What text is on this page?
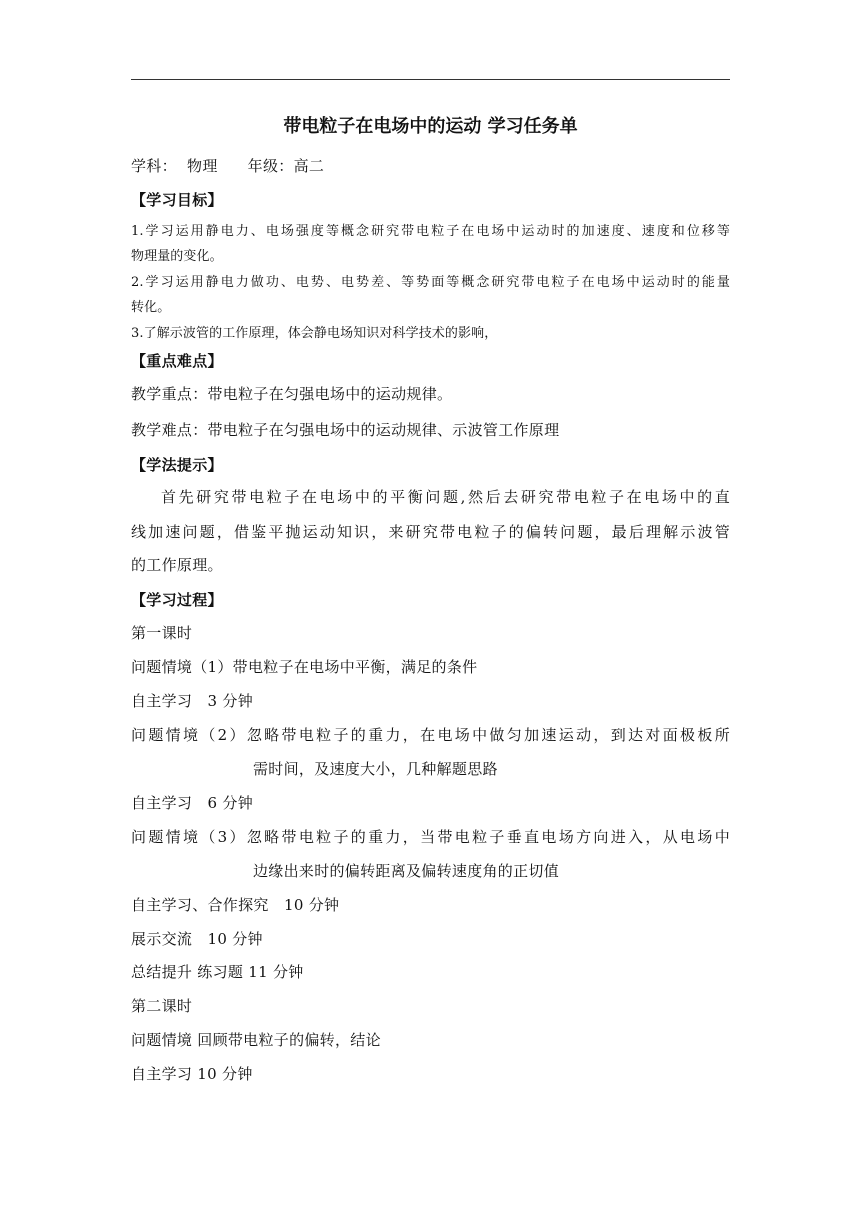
带电粒子在电场中的运动 学习任务单
学科： 物理 年级：高二
【学习目标】
1.学习运用静电力、电场强度等概念研究带电粒子在电场中运动时的加速度、速度和位移等
物理量的变化。
2.学习运用静电力做功、电势、电势差、等势面等概念研究带电粒子在电场中运动时的能量
转化。
3.了解示波管的工作原理，体会静电场知识对科学技术的影响，
【重点难点】
教学重点：带电粒子在匀强电场中的运动规律。
教学难点：带电粒子在匀强电场中的运动规律、示波管工作原理
【学法提示】
首先研究带电粒子在电场中的平衡问题,然后去研究带电粒子在电场中的直
线加速问题，借鉴平抛运动知识，来研究带电粒子的偏转问题，最后理解示波管
的工作原理。
【学习过程】
第一课时
问题情境（1）带电粒子在电场中平衡，满足的条件
自主学习　3 分钟
问题情境（2）忽略带电粒子的重力，在电场中做匀加速运动，到达对面极板所
需时间，及速度大小，几种解题思路
自主学习　6 分钟
问题情境（3）忽略带电粒子的重力，当带电粒子垂直电场方向进入，从电场中
边缘出来时的偏转距离及偏转速度角的正切值
自主学习、合作探究　10 分钟
展示交流　10 分钟
总结提升 练习题 11 分钟
第二课时
问题情境 回顾带电粒子的偏转，结论
自主学习 10 分钟
